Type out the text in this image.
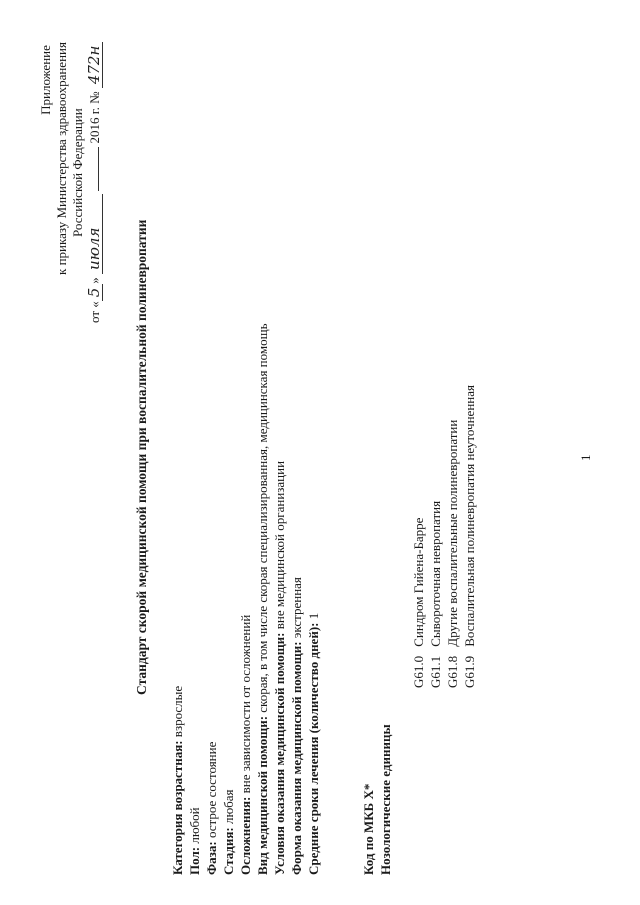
Приложение к приказу Министерства здравоохранения Российской Федерации
от «5» июля  2016 г. № 472н
Стандарт скорой медицинской помощи при воспалительной полиневропатии
Категория возрастная: взрослые
Пол: любой
Фаза: острое состояние
Стадия: любая Осложнения: вне зависимости от осложнений Вид медицинской помощи: скорая, в том числе скорая специализированная, медицинская помощь
Условия оказания медицинской помощи: вне медицинской организации
Форма оказания медицинской помощи: экстренная
Средние сроки лечения (количество дней): 1
Код по МКБ Х* Нозологические единицы
G61.0 Синдром Гийена-Барре
G61.1 Сывороточная невропатия
G61.8 Другие воспалительные полиневропатии
G61.9 Воспалительная полиневропатия неуточненная	1
